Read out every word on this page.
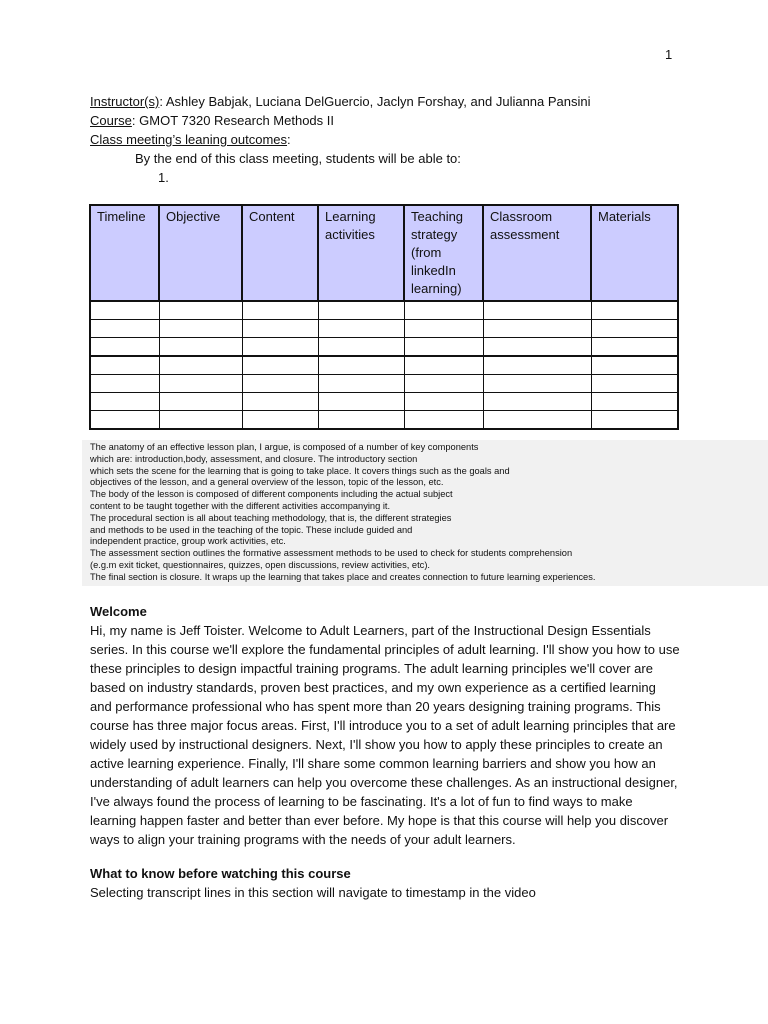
1
Instructor(s): Ashley Babjak, Luciana DelGuercio, Jaclyn Forshay, and Julianna Pansini
Course: GMOT 7320 Research Methods II
Class meeting’s leaning outcomes:
By the end of this class meeting, students will be able to:
1.
Timeline	Objective	Content	Learning activities	Teaching strategy (from linkedIn learning)	Classroom assessment	Materials

The anatomy of an effective lesson plan, I argue, is composed of a number of key components
which are: introduction,body, assessment, and closure. The introductory section
which sets the scene for the learning that is going to take place. It covers things such as the goals and
objectives of the lesson, and a general overview of the lesson, topic of the lesson, etc.
The body of the lesson is composed of different components including the actual subject
content to be taught together with the different activities accompanying it.
The procedural section is all about teaching methodology, that is, the different strategies
and methods to be used in the teaching of the topic. These include guided and
independent practice, group work activities, etc.
The assessment section outlines the formative assessment methods to be used to check for students comprehension
(e.g.m exit ticket, questionnaires, quizzes, open discussions, review activities, etc).
The final section is closure. It wraps up the learning that takes place and creates connection to future learning experiences.
Welcome

Hi, my name is Jeff Toister. Welcome to Adult Learners, part of the Instructional Design Essentials series. In this course we'll explore the fundamental principles of adult learning. I'll show you how to use these principles to design impactful training programs. The adult learning principles we'll cover are based on industry standards, proven best practices, and my own experience as a certified learning and performance professional who has spent more than 20 years designing training programs. This course has three major focus areas. First, I'll introduce you to a set of adult learning principles that are widely used by instructional designers. Next, I'll show you how to apply these principles to create an active learning experience. Finally, I'll share some common learning barriers and show you how an understanding of adult learners can help you overcome these challenges. As an instructional designer, I've always found the process of learning to be fascinating. It's a lot of fun to find ways to make learning happen faster and better than ever before. My hope is that this course will help you discover ways to align your training programs with the needs of your adult learners.

What to know before watching this course

Selecting transcript lines in this section will navigate to timestamp in the video
